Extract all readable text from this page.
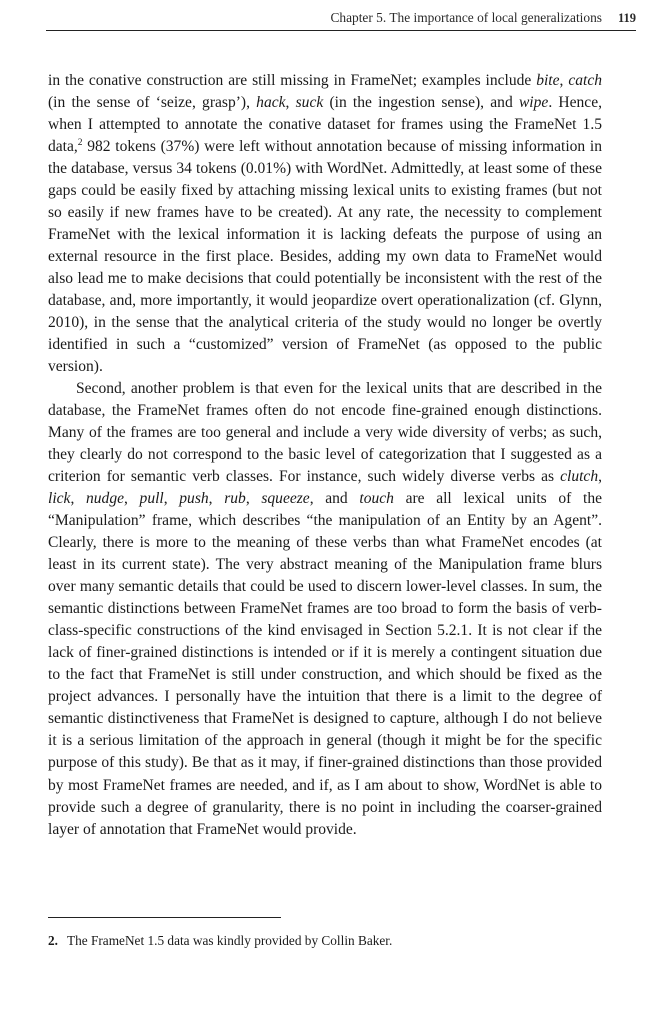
Chapter 5. The importance of local generalizations 119

in the conative construction are still missing in FrameNet; examples include bite, catch (in the sense of ‘seize, grasp’), hack, suck (in the ingestion sense), and wipe. Hence, when I attempted to annotate the conative dataset for frames using the FrameNet 1.5 data,$^2$ 982 tokens (37%) were left without annotation because of missing information in the database, versus 34 tokens (0.01%) with WordNet. Admittedly, at least some of these gaps could be easily fixed by attaching missing lexical units to existing frames (but not so easily if new frames have to be created). At any rate, the necessity to complement FrameNet with the lexical information it is lacking defeats the purpose of using an external resource in the first place. Besides, adding my own data to FrameNet would also lead me to make decisions that could potentially be inconsistent with the rest of the database, and, more importantly, it would jeopardize overt operationalization (cf. Glynn, 2010), in the sense that the analytical criteria of the study would no longer be overtly identified in such a “customized” version of FrameNet (as opposed to the public version).

Second, another problem is that even for the lexical units that are described in the database, the FrameNet frames often do not encode fine-grained enough distinctions. Many of the frames are too general and include a very wide diversity of verbs; as such, they clearly do not correspond to the basic level of categorization that I suggested as a criterion for semantic verb classes. For instance, such widely diverse verbs as clutch, lick, nudge, pull, push, rub, squeeze, and touch are all lexical units of the “Manipulation” frame, which describes “the manipulation of an Entity by an Agent”. Clearly, there is more to the meaning of these verbs than what FrameNet encodes (at least in its current state). The very abstract meaning of the Manipulation frame blurs over many semantic details that could be used to discern lower-level classes. In sum, the semantic distinctions between FrameNet frames are too broad to form the basis of verb-class-specific constructions of the kind envisaged in Section 5.2.1. It is not clear if the lack of finer-grained distinctions is intended or if it is merely a contingent situation due to the fact that FrameNet is still under construction, and which should be fixed as the project advances. I personally have the intuition that there is a limit to the degree of semantic distinctiveness that FrameNet is designed to capture, although I do not believe it is a serious limitation of the approach in general (though it might be for the specific purpose of this study). Be that as it may, if finer-grained distinctions than those provided by most FrameNet frames are needed, and if, as I am about to show, WordNet is able to provide such a degree of granularity, there is no point in including the coarser-grained layer of annotation that FrameNet would provide.

2. The FrameNet 1.5 data was kindly provided by Collin Baker.
